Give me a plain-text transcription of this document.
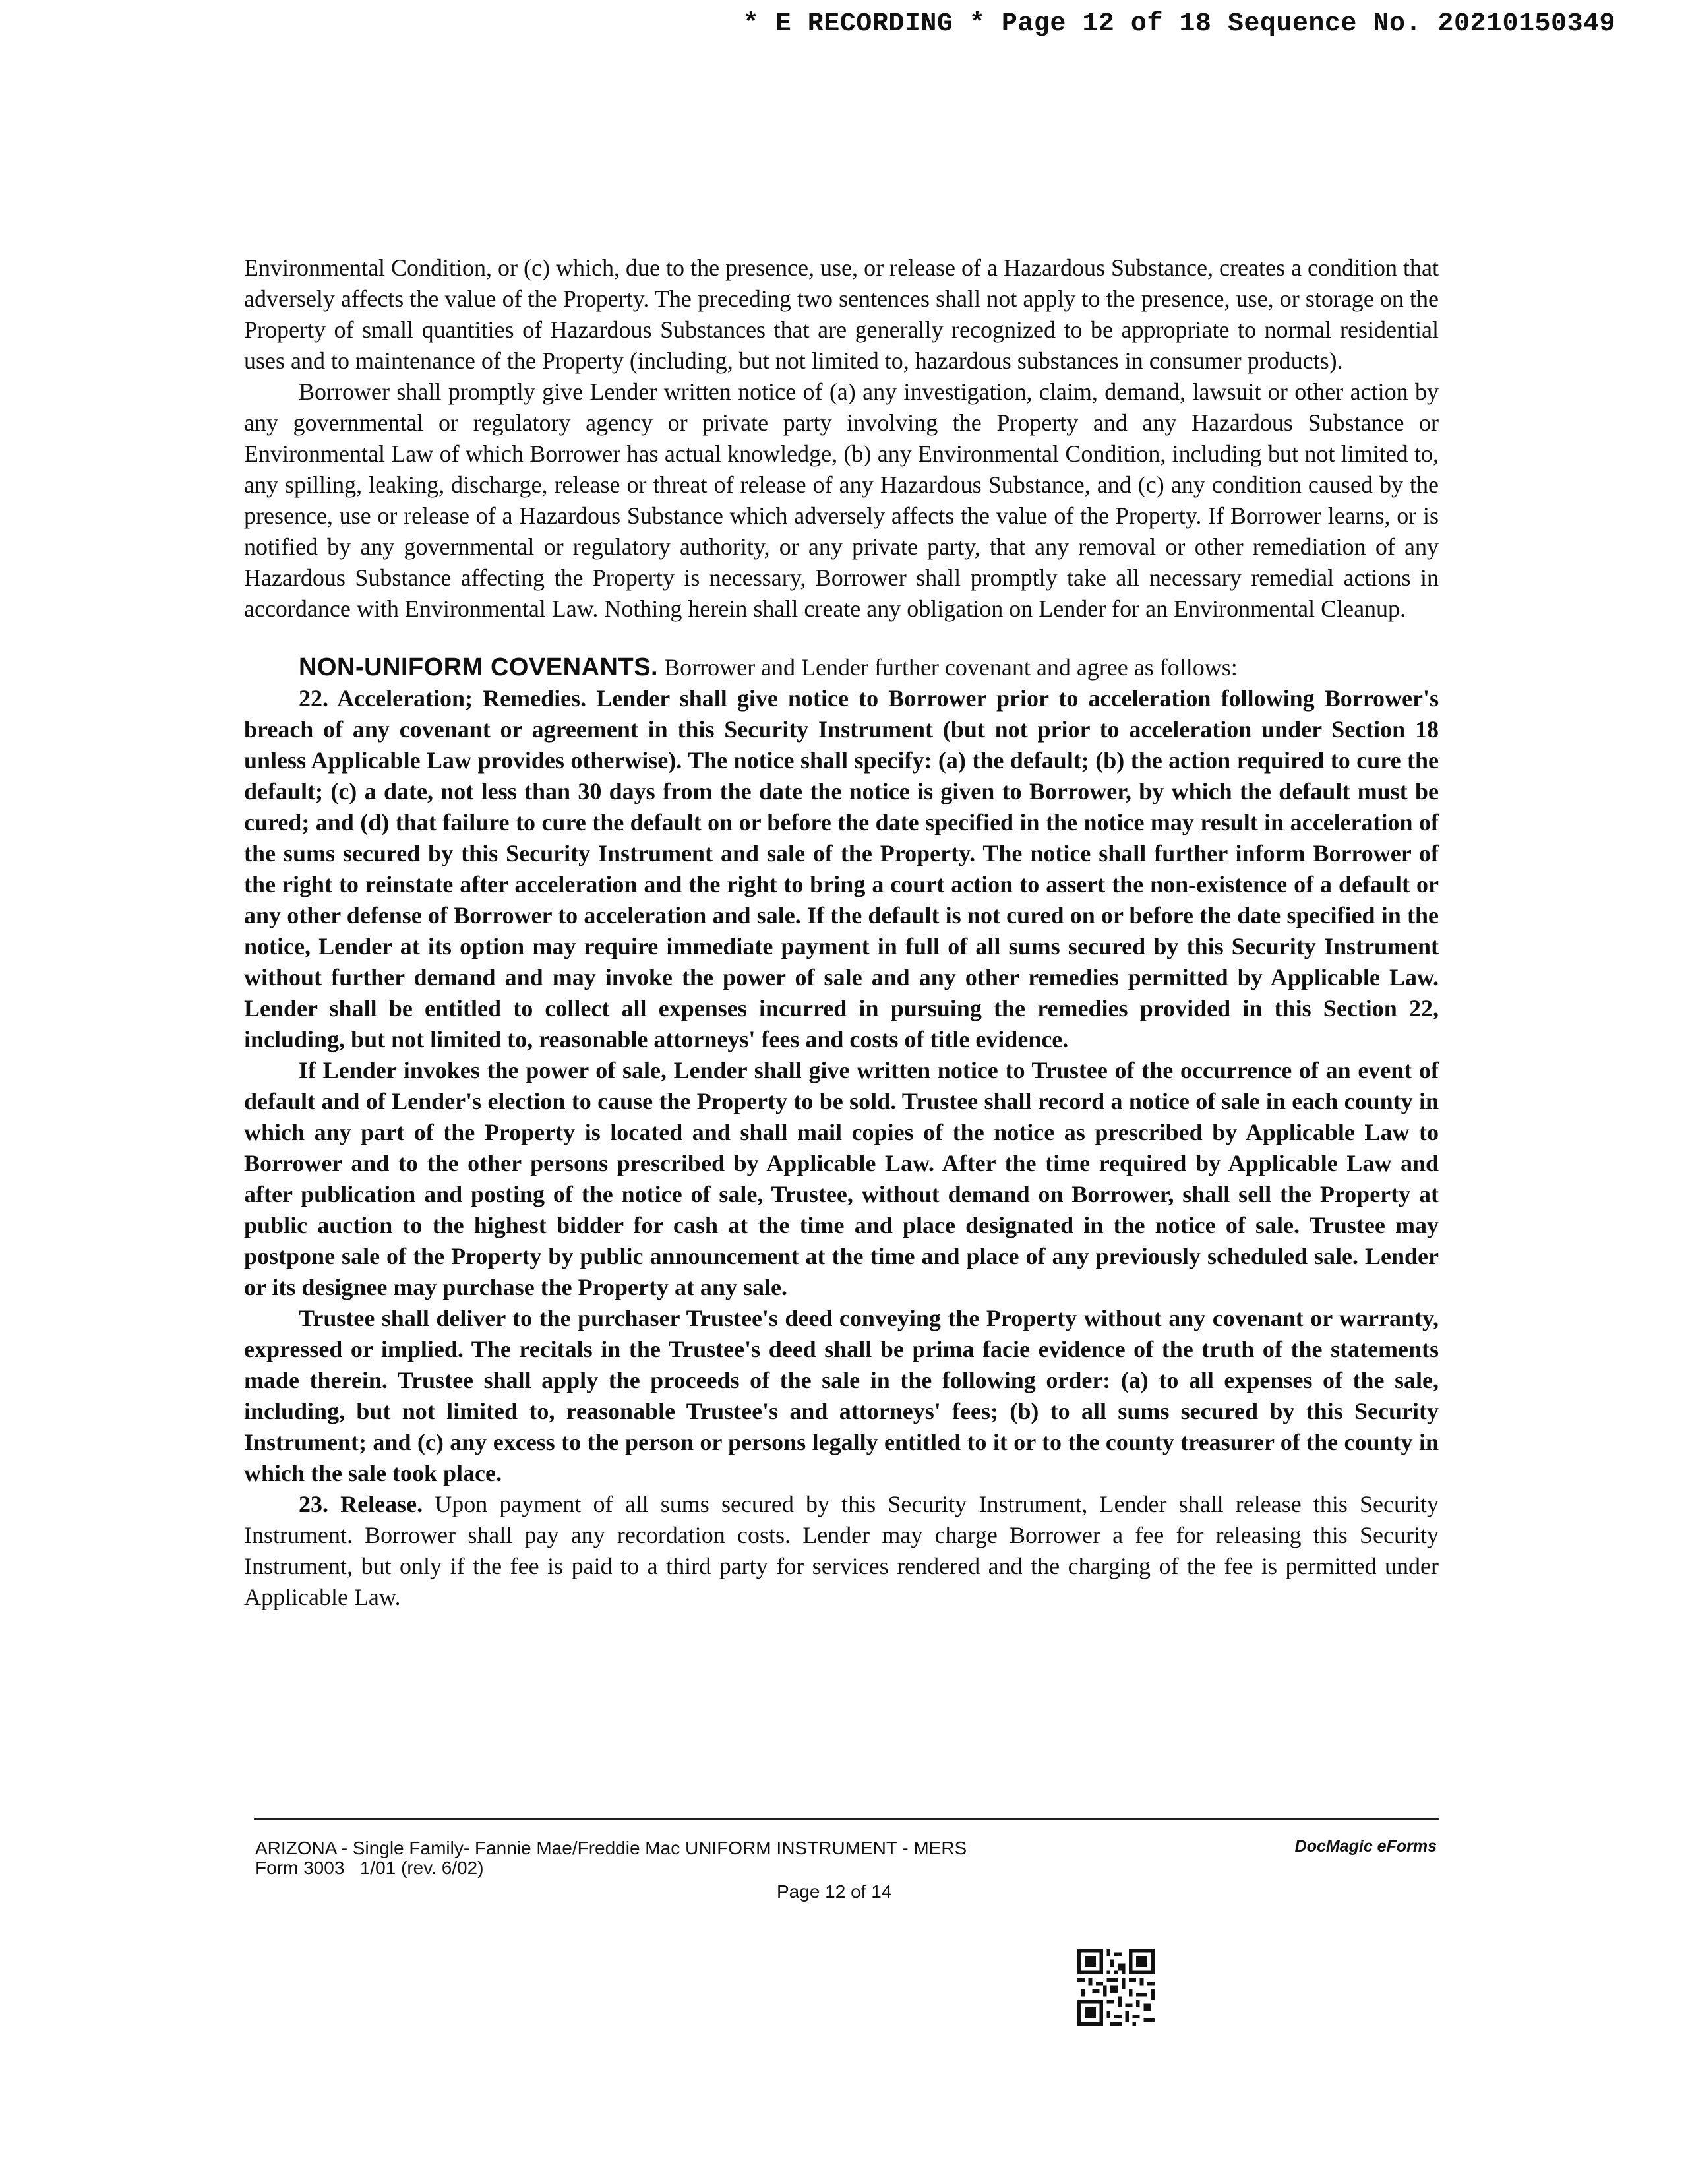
* E RECORDING * Page 12 of 18 Sequence No. 20210150349

Environmental Condition, or (c) which, due to the presence, use, or release of a Hazardous Substance, creates a condition that adversely affects the value of the Property. The preceding two sentences shall not apply to the presence, use, or storage on the Property of small quantities of Hazardous Substances that are generally recognized to be appropriate to normal residential uses and to maintenance of the Property (including, but not limited to, hazardous substances in consumer products).

Borrower shall promptly give Lender written notice of (a) any investigation, claim, demand, lawsuit or other action by any governmental or regulatory agency or private party involving the Property and any Hazardous Substance or Environmental Law of which Borrower has actual knowledge, (b) any Environmental Condition, including but not limited to, any spilling, leaking, discharge, release or threat of release of any Hazardous Substance, and (c) any condition caused by the presence, use or release of a Hazardous Substance which adversely affects the value of the Property. If Borrower learns, or is notified by any governmental or regulatory authority, or any private party, that any removal or other remediation of any Hazardous Substance affecting the Property is necessary, Borrower shall promptly take all necessary remedial actions in accordance with Environmental Law. Nothing herein shall create any obligation on Lender for an Environmental Cleanup.

NON-UNIFORM COVENANTS. Borrower and Lender further covenant and agree as follows:

22. Acceleration; Remedies. Lender shall give notice to Borrower prior to acceleration following Borrower's breach of any covenant or agreement in this Security Instrument (but not prior to acceleration under Section 18 unless Applicable Law provides otherwise). The notice shall specify: (a) the default; (b) the action required to cure the default; (c) a date, not less than 30 days from the date the notice is given to Borrower, by which the default must be cured; and (d) that failure to cure the default on or before the date specified in the notice may result in acceleration of the sums secured by this Security Instrument and sale of the Property. The notice shall further inform Borrower of the right to reinstate after acceleration and the right to bring a court action to assert the non-existence of a default or any other defense of Borrower to acceleration and sale. If the default is not cured on or before the date specified in the notice, Lender at its option may require immediate payment in full of all sums secured by this Security Instrument without further demand and may invoke the power of sale and any other remedies permitted by Applicable Law. Lender shall be entitled to collect all expenses incurred in pursuing the remedies provided in this Section 22, including, but not limited to, reasonable attorneys' fees and costs of title evidence.

If Lender invokes the power of sale, Lender shall give written notice to Trustee of the occurrence of an event of default and of Lender's election to cause the Property to be sold. Trustee shall record a notice of sale in each county in which any part of the Property is located and shall mail copies of the notice as prescribed by Applicable Law to Borrower and to the other persons prescribed by Applicable Law. After the time required by Applicable Law and after publication and posting of the notice of sale, Trustee, without demand on Borrower, shall sell the Property at public auction to the highest bidder for cash at the time and place designated in the notice of sale. Trustee may postpone sale of the Property by public announcement at the time and place of any previously scheduled sale. Lender or its designee may purchase the Property at any sale.

Trustee shall deliver to the purchaser Trustee's deed conveying the Property without any covenant or warranty, expressed or implied. The recitals in the Trustee's deed shall be prima facie evidence of the truth of the statements made therein. Trustee shall apply the proceeds of the sale in the following order: (a) to all expenses of the sale, including, but not limited to, reasonable Trustee's and attorneys' fees; (b) to all sums secured by this Security Instrument; and (c) any excess to the person or persons legally entitled to it or to the county treasurer of the county in which the sale took place.

23. Release. Upon payment of all sums secured by this Security Instrument, Lender shall release this Security Instrument. Borrower shall pay any recordation costs. Lender may charge Borrower a fee for releasing this Security Instrument, but only if the fee is paid to a third party for services rendered and the charging of the fee is permitted under Applicable Law.

ARIZONA - Single Family- Fannie Mae/Freddie Mac UNIFORM INSTRUMENT - MERS
Form 3003   1/01 (rev. 6/02)
Page 12 of 14
DocMagic eForms
